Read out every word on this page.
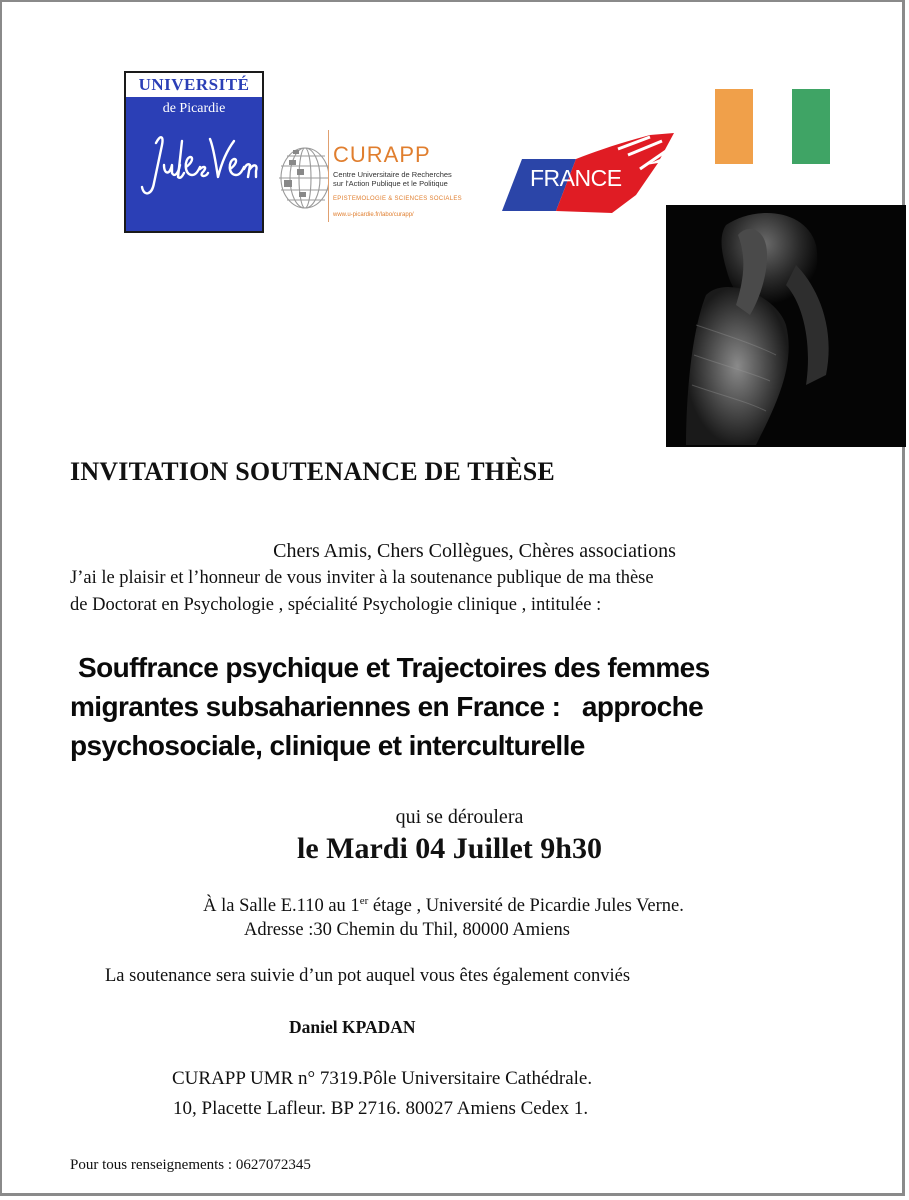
UNIVERSITÉ
de Picardie
CURAPP
Centre Universitaire de Recherches
sur l'Action Publique et le Politique
EPISTEMOLOGIE & SCIENCES SOCIALES
www.u-picardie.fr/labo/curapp/
FRANCE
INVITATION SOUTENANCE DE THÈSE
Chers Amis, Chers Collègues, Chères associations
J’ai le plaisir et l’honneur de vous inviter à la soutenance publique de ma thèse
de Doctorat en Psychologie , spécialité Psychologie clinique , intitulée :
Souffrance psychique et Trajectoires des femmes
migrantes subsahariennes en France :   approche
psychosociale, clinique et interculturelle
qui se déroulera
le Mardi 04 Juillet 9h30
À la Salle E.110 au 1er étage , Université de Picardie Jules Verne.
Adresse :30 Chemin du Thil, 80000 Amiens
La soutenance sera suivie d’un pot auquel vous êtes également conviés
Daniel KPADAN
CURAPP UMR n° 7319.Pôle Universitaire Cathédrale.
10, Placette Lafleur. BP 2716. 80027 Amiens Cedex 1.
Pour tous renseignements : 0627072345
